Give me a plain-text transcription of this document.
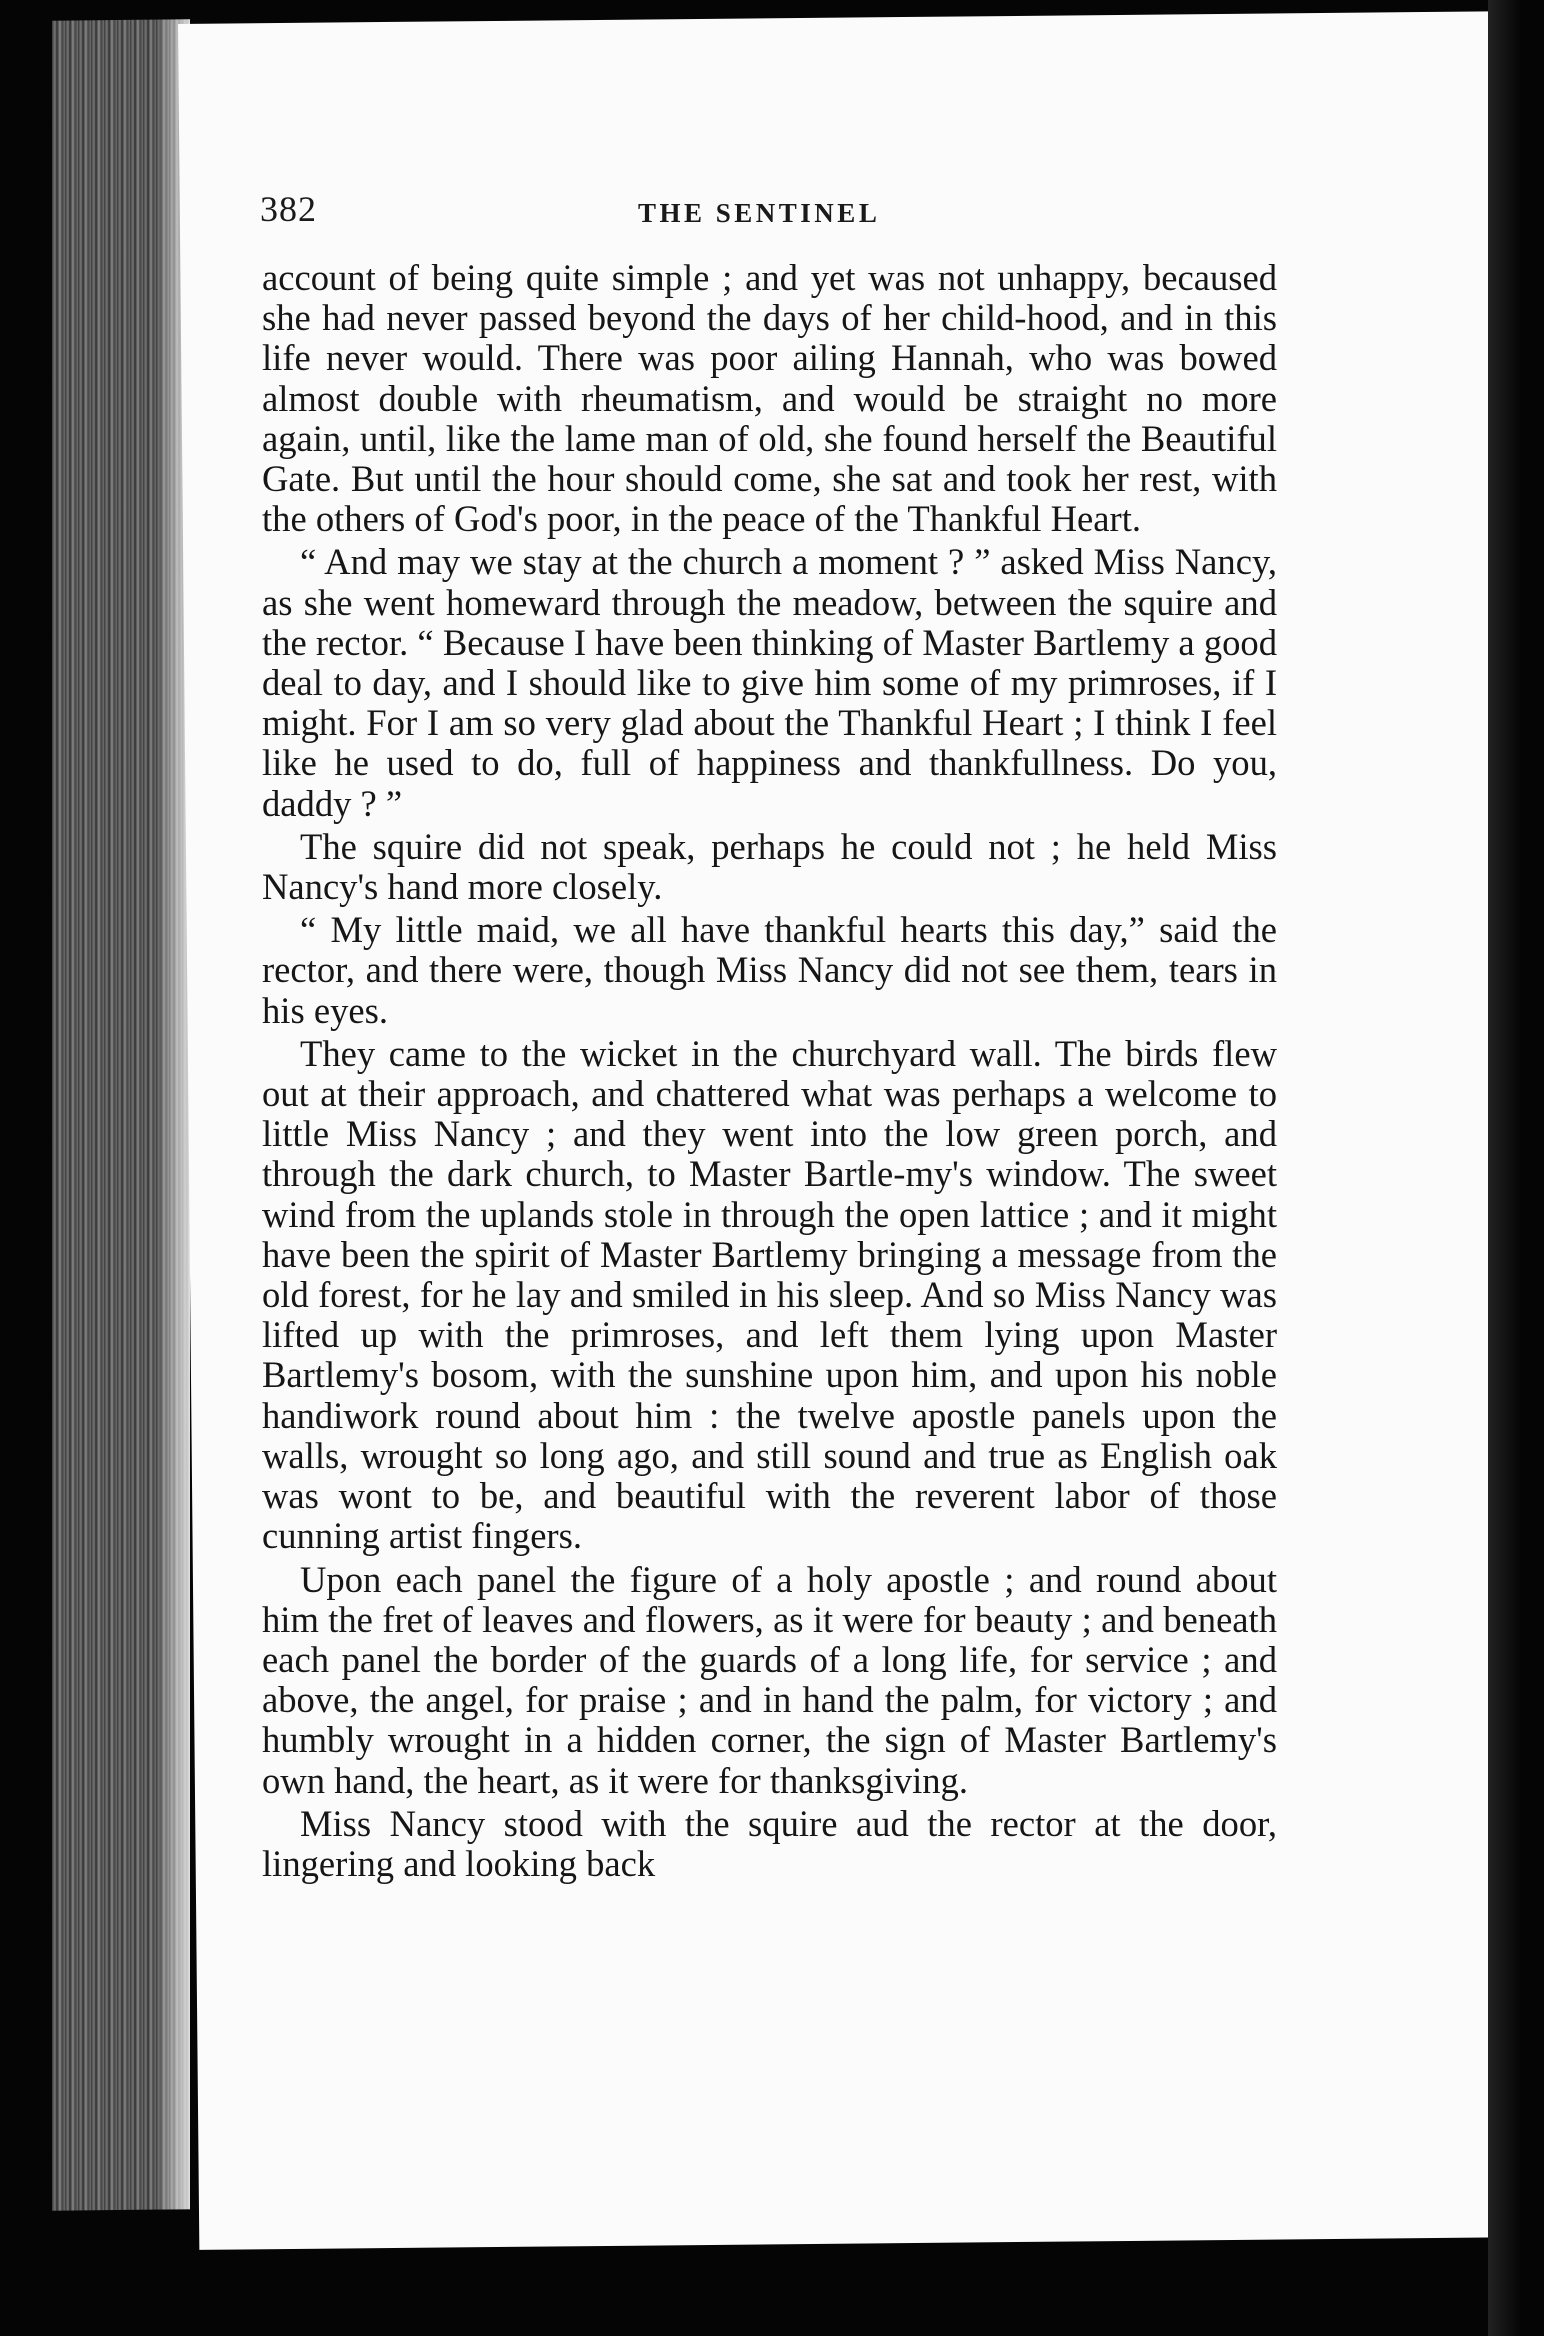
382	THE SENTINEL

account of being quite simple ; and yet was not unhappy, becaused she had never passed beyond the days of her child-hood, and in this life never would. There was poor ailing Hannah, who was bowed almost double with rheumatism, and would be straight no more again, until, like the lame man of old, she found herself the Beautiful Gate. But until the hour should come, she sat and took her rest, with the others of God's poor, in the peace of the Thankful Heart.

“ And may we stay at the church a moment ? ” asked Miss Nancy, as she went homeward through the meadow, between the squire and the rector. “ Because I have been thinking of Master Bartlemy a good deal to day, and I should like to give him some of my primroses, if I might. For I am so very glad about the Thankful Heart ; I think I feel like he used to do, full of happiness and thankfullness. Do you, daddy ? ”

The squire did not speak, perhaps he could not ; he held Miss Nancy's hand more closely.

“ My little maid, we all have thankful hearts this day,” said the rector, and there were, though Miss Nancy did not see them, tears in his eyes.

They came to the wicket in the churchyard wall. The birds flew out at their approach, and chattered what was perhaps a welcome to little Miss Nancy ; and they went into the low green porch, and through the dark church, to Master Bartle-my's window. The sweet wind from the uplands stole in through the open lattice ; and it might have been the spirit of Master Bartlemy bringing a message from the old forest, for he lay and smiled in his sleep. And so Miss Nancy was lifted up with the primroses, and left them lying upon Master Bartlemy's bosom, with the sunshine upon him, and upon his noble handiwork round about him : the twelve apostle panels upon the walls, wrought so long ago, and still sound and true as English oak was wont to be, and beautiful with the reverent labor of those cunning artist fingers.

Upon each panel the figure of a holy apostle ; and round about him the fret of leaves and flowers, as it were for beauty ; and beneath each panel the border of the guards of a long life, for service ; and above, the angel, for praise ; and in hand the palm, for victory ; and humbly wrought in a hidden corner, the sign of Master Bartlemy's own hand, the heart, as it were for thanksgiving.

Miss Nancy stood with the squire aud the rector at the door, lingering and looking back
